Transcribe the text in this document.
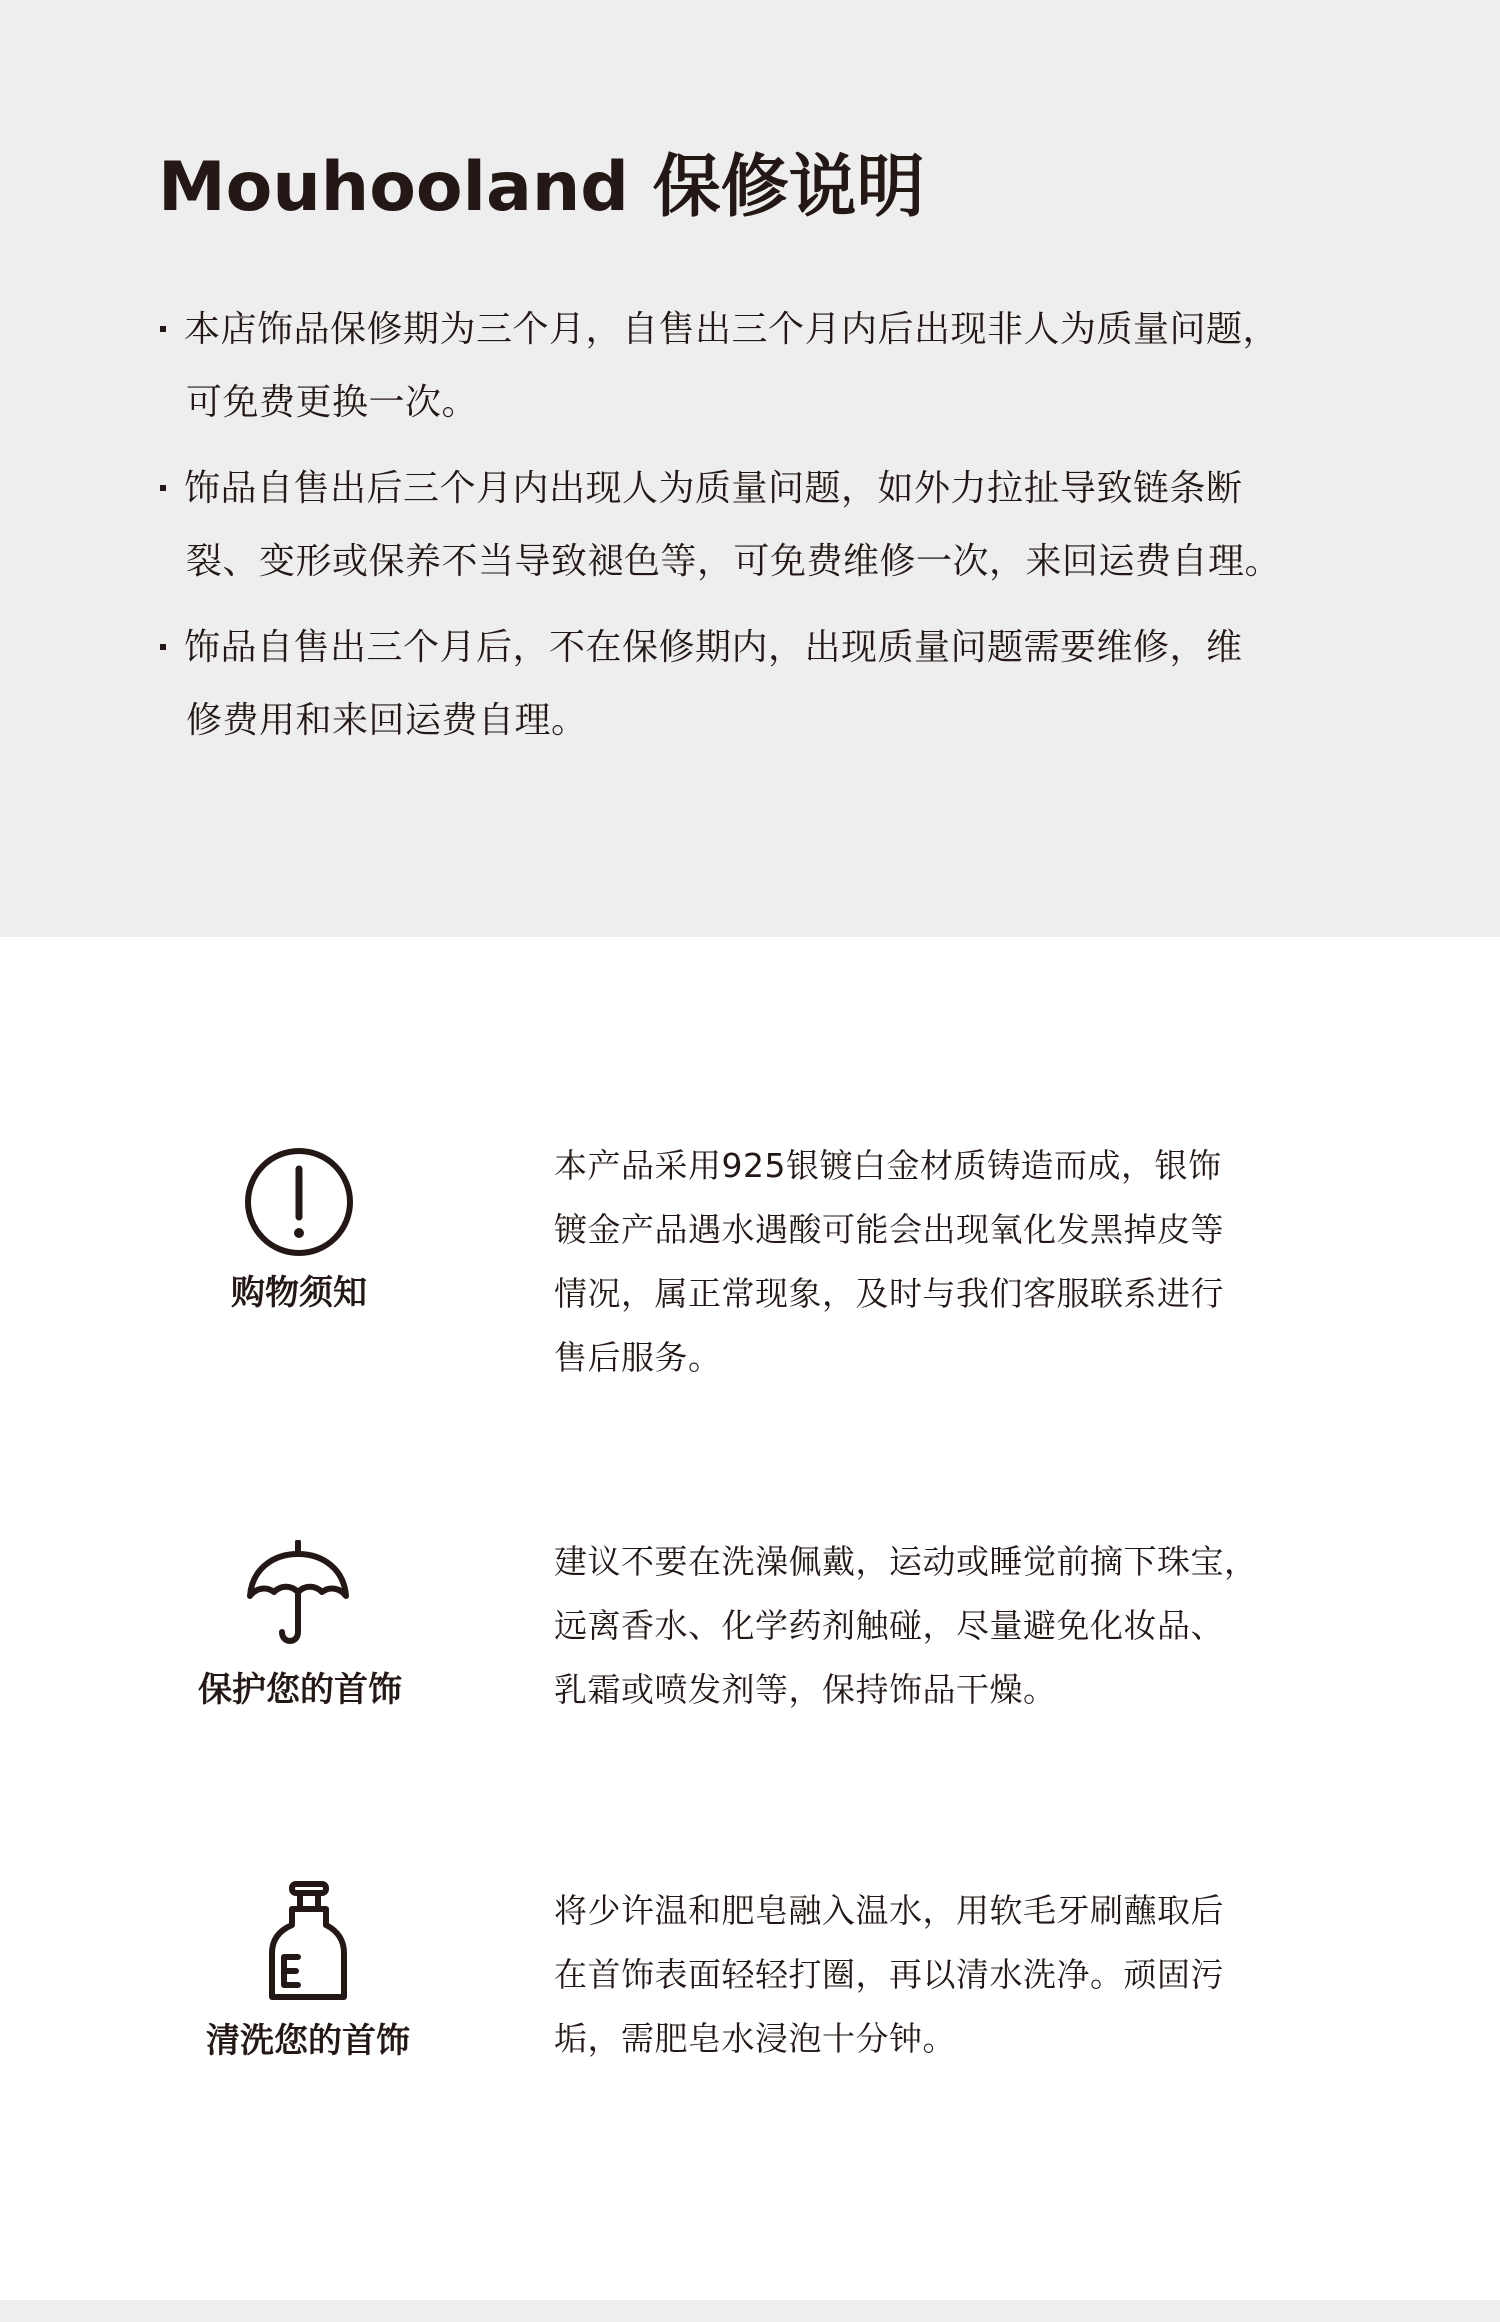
Mouhooland 保修说明
本店饰品保修期为三个月，自售出三个月内后出现非人为质量问题，
可免费更换一次。
饰品自售出后三个月内出现人为质量问题，如外力拉扯导致链条断
裂、变形或保养不当导致褪色等，可免费维修一次，来回运费自理。
饰品自售出三个月后，不在保修期内，出现质量问题需要维修，维
修费用和来回运费自理。
购物须知
本产品采用925银镀白金材质铸造而成，银饰
镀金产品遇水遇酸可能会出现氧化发黑掉皮等
情况，属正常现象，及时与我们客服联系进行
售后服务。
保护您的首饰
建议不要在洗澡佩戴，运动或睡觉前摘下珠宝，
远离香水、化学药剂触碰，尽量避免化妆品、
乳霜或喷发剂等，保持饰品干燥。
清洗您的首饰
将少许温和肥皂融入温水，用软毛牙刷蘸取后
在首饰表面轻轻打圈，再以清水洗净。顽固污
垢，需肥皂水浸泡十分钟。
